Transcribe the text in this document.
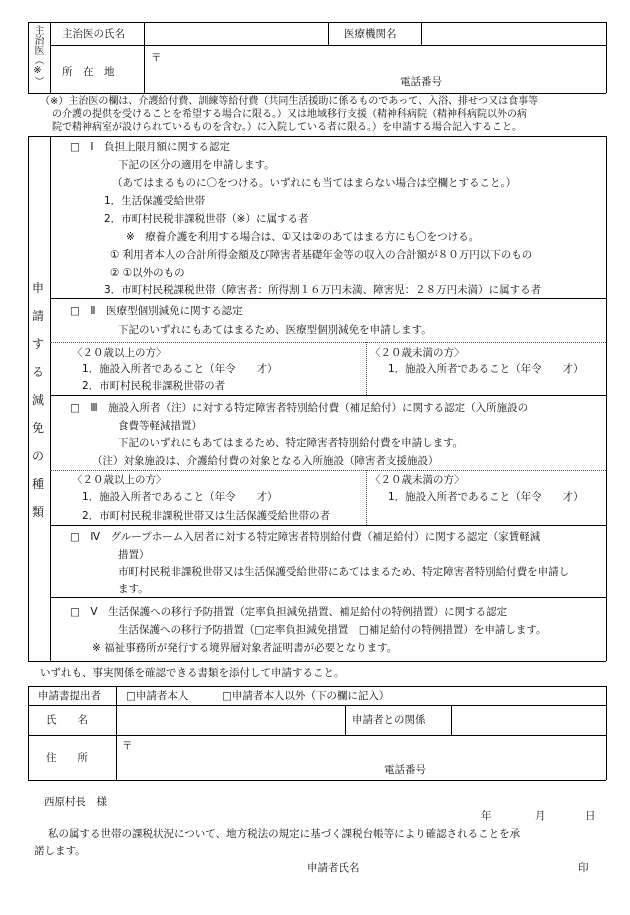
主治医（※） 主治医の氏名	医療機関名
所　在　地
〒
電話番号
（※）主治医の欄は、介護給付費、訓練等給付費（共同生活援助に係るものであって、入浴、排せつ又は食事等
の介護の提供を受けることを希望する場合に限る。）又は地域移行支援（精神科病院（精神科病院以外の病
院で精神病室が設けられているものを含む。）に入院している者に限る。）を申請する場合記入すること。
申
請
す
る
減
免
の
種
類
□　Ⅰ　負担上限月額に関する認定
下記の区分の適用を申請します。
（あてはまるものに〇をつける。いずれにも当てはまらない場合は空欄とすること。）
1．生活保護受給世帯
2．市町村民税非課税世帯（※）に属する者
※　療養介護を利用する場合は、①又は②のあてはまる方にも〇をつける。
① 利用者本人の合計所得金額及び障害者基礎年金等の収入の合計額が８０万円以下のもの
② ①以外のもの
3．市町村民税課税世帯（障害者：所得割１６万円未満、障害児：２８万円未満）に属する者
□　Ⅱ　医療型個別減免に関する認定
下記のいずれにもあてはまるため、医療型個別減免を申請します。
〈２０歳以上の方〉
1．施設入所者であること（年令　　才）
2．市町村民税非課税世帯の者
〈２０歳未満の方〉
1．施設入所者であること（年令　　才）
□　Ⅲ　施設入所者（注）に対する特定障害者特別給付費（補足給付）に関する認定（入所施設の
食費等軽減措置）
下記のいずれにもあてはまるため、特定障害者特別給付費を申請します。
（注）対象施設は、介護給付費の対象となる入所施設（障害者支援施設）
〈２０歳以上の方〉
1．施設入所者であること（年令　　才）
2．市町村民税非課税世帯又は生活保護受給世帯の者
〈２０歳未満の方〉
1．施設入所者であること（年令　　才）
□　Ⅳ　グループホーム入居者に対する特定障害者特別給付費（補足給付）に関する認定（家賃軽減
措置）
市町村民税非課税世帯又は生活保護受給世帯にあてはまるため、特定障害者特別給付費を申請し
ます。
□　Ⅴ　生活保護への移行予防措置（定率負担減免措置、補足給付の特例措置）に関する認定
生活保護への移行予防措置（□定率負担減免措置　□補足給付の特例措置）を申請します。
※ 福祉事務所が発行する境界層対象者証明書が必要となります。
いずれも、事実関係を確認できる書類を添付して申請すること。
申請書提出者 □申請者本人	□申請者本人以外（下の欄に記入）
氏　　名	申請者との関係
住　　所
〒
電話番号
西原村長　様
年	月	日
私の属する世帯の課税状況について、地方税法の規定に基づく課税台帳等により確認されることを承
諾します。
申請者氏名	印
